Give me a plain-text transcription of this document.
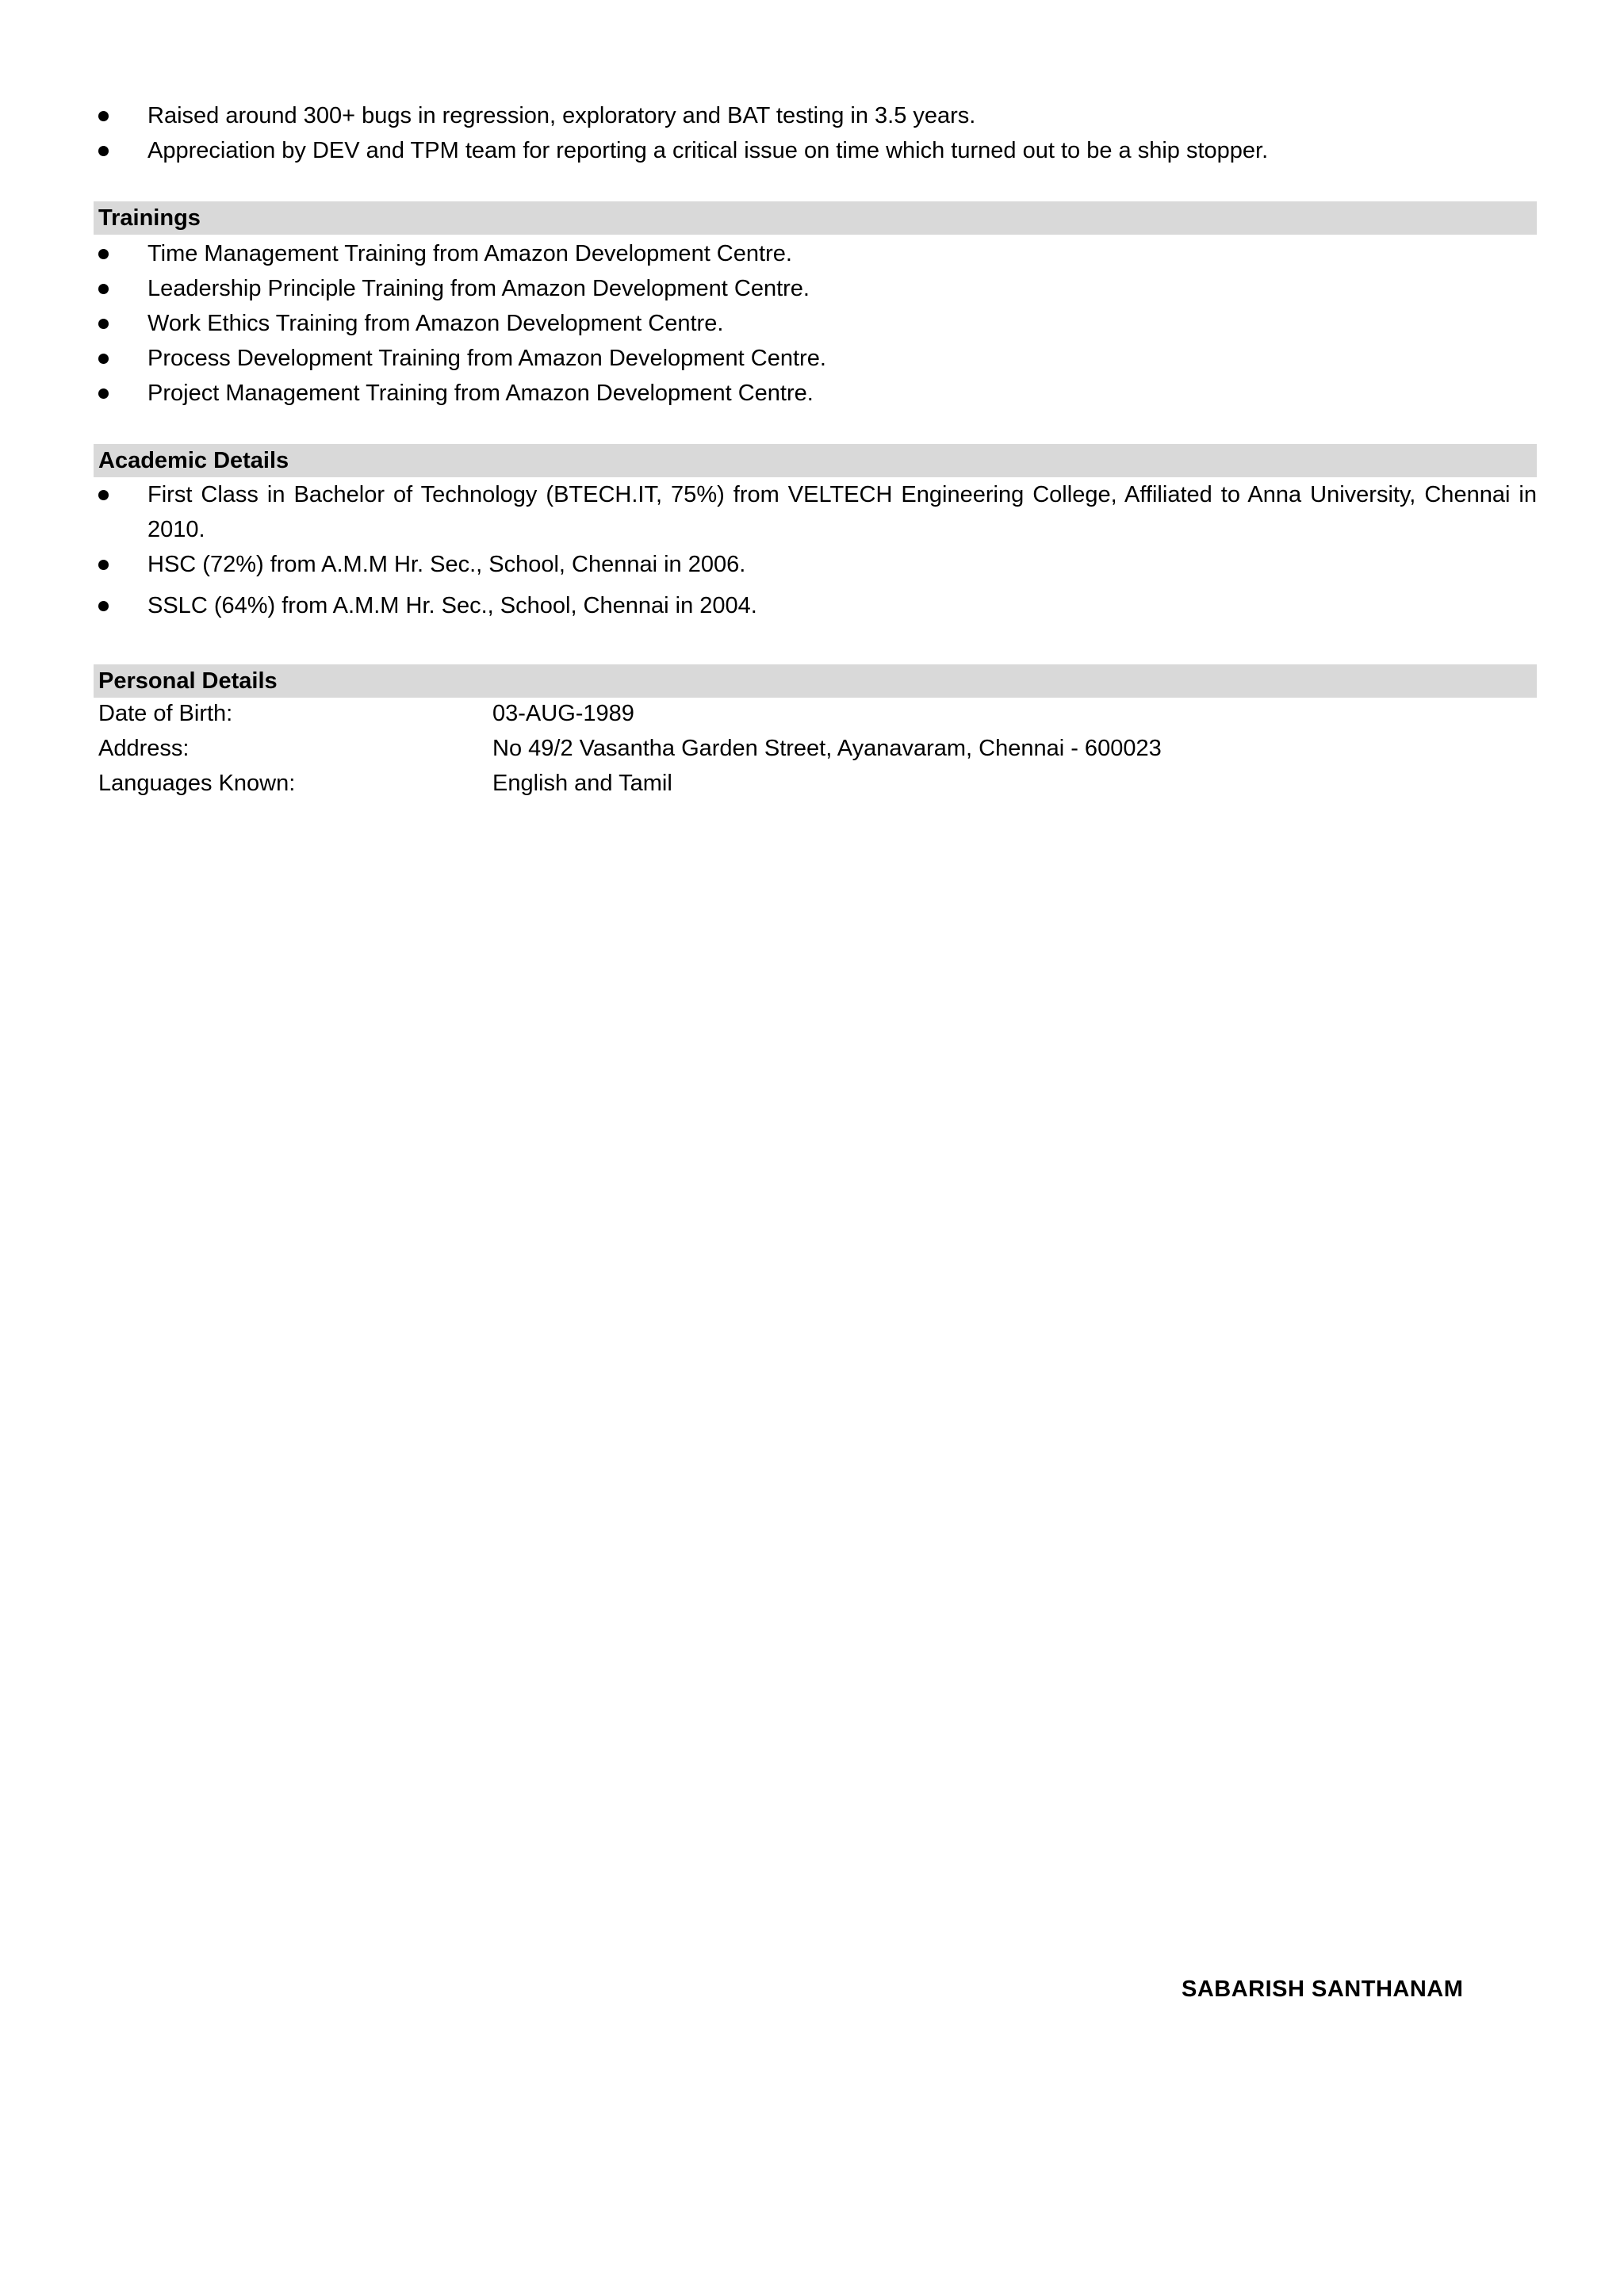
Raised around 300+ bugs in regression, exploratory and BAT testing in 3.5 years.
Appreciation by DEV and TPM team for reporting a critical issue on time which turned out to be a ship stopper.
Trainings
Time Management Training from Amazon Development Centre.
Leadership Principle Training from Amazon Development Centre.
Work Ethics Training from Amazon Development Centre.
Process Development Training from Amazon Development Centre.
Project Management Training from Amazon Development Centre.
Academic Details
First Class in Bachelor of Technology (BTECH.IT, 75%) from VELTECH Engineering College, Affiliated to Anna University, Chennai in 2010.
HSC (72%) from A.M.M Hr. Sec., School, Chennai in 2006.
SSLC (64%) from A.M.M Hr. Sec., School, Chennai in 2004.
Personal Details
Date of Birth:	03-AUG-1989
Address:	No 49/2 Vasantha Garden Street, Ayanavaram, Chennai - 600023
Languages Known:	English and Tamil
SABARISH SANTHANAM
